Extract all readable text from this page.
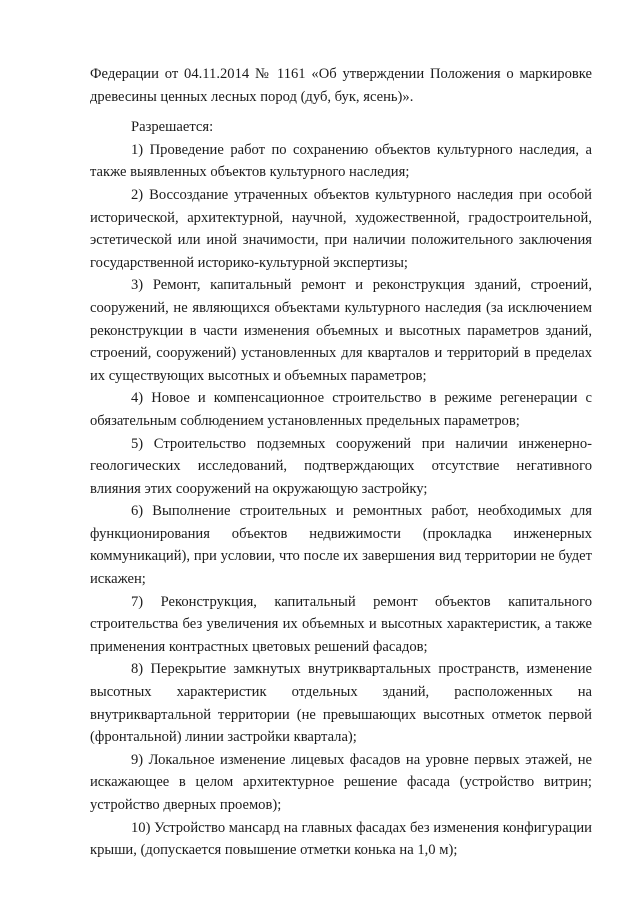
Федерации от 04.11.2014 № 1161 «Об утверждении Положения о маркировке древесины ценных лесных пород (дуб, бук, ясень)».

Разрешается:

1) Проведение работ по сохранению объектов культурного наследия, а также выявленных объектов культурного наследия;

2) Воссоздание утраченных объектов культурного наследия при особой исторической, архитектурной, научной, художественной, градостроительной, эстетической или иной значимости, при наличии положительного заключения государственной историко-культурной экспертизы;

3) Ремонт, капитальный ремонт и реконструкция зданий, строений, сооружений, не являющихся объектами культурного наследия (за исключением реконструкции в части изменения объемных и высотных параметров зданий, строений, сооружений) установленных для кварталов и территорий в пределах их существующих высотных и объемных параметров;

4) Новое и компенсационное строительство в режиме регенерации с обязательным соблюдением установленных предельных параметров;

5) Строительство подземных сооружений при наличии инженерно-геологических исследований, подтверждающих отсутствие негативного влияния этих сооружений на окружающую застройку;

6) Выполнение строительных и ремонтных работ, необходимых для функционирования объектов недвижимости (прокладка инженерных коммуникаций), при условии, что после их завершения вид территории не будет искажен;

7) Реконструкция, капитальный ремонт объектов капитального строительства без увеличения их объемных и высотных характеристик, а также применения контрастных цветовых решений фасадов;

8) Перекрытие замкнутых внутриквартальных пространств, изменение высотных характеристик отдельных зданий, расположенных на внутриквартальной территории (не превышающих высотных отметок первой (фронтальной) линии застройки квартала);

9) Локальное изменение лицевых фасадов на уровне первых этажей, не искажающее в целом архитектурное решение фасада (устройство витрин; устройство дверных проемов);

10) Устройство мансард на главных фасадах без изменения конфигурации крыши, (допускается повышение отметки конька на 1,0 м);
